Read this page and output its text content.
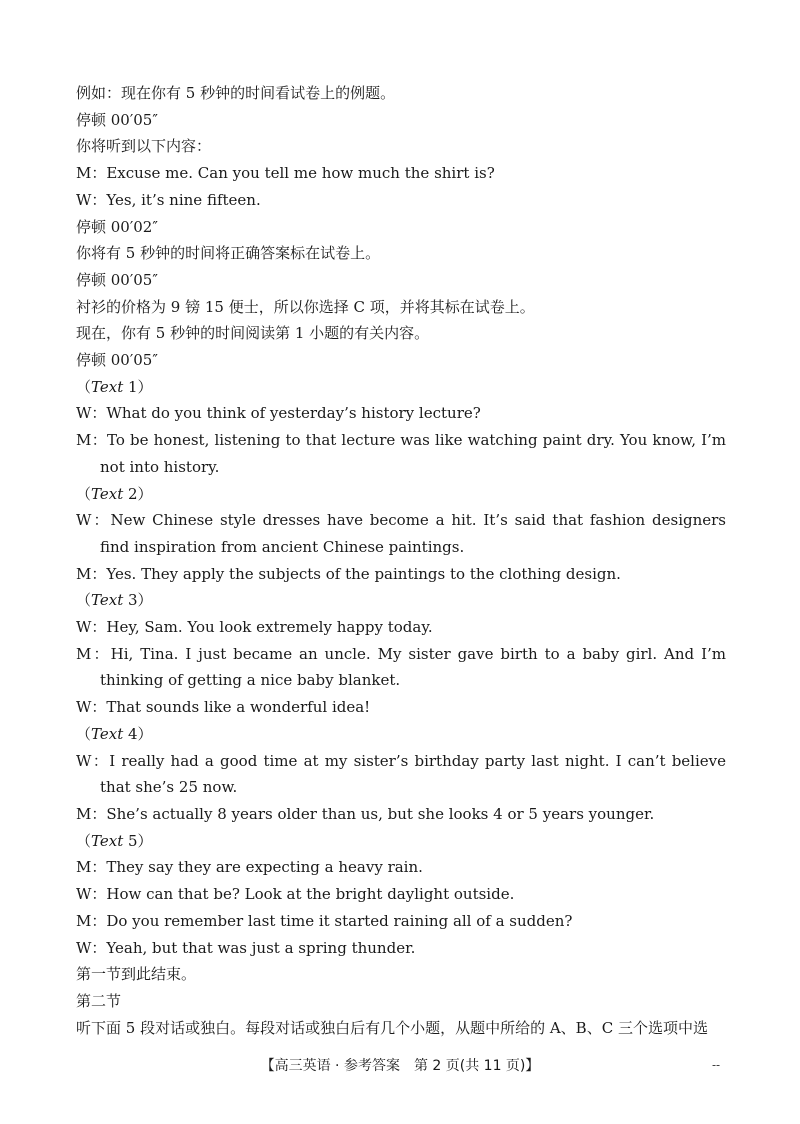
例如：现在你有 5 秒钟的时间看试卷上的例题。
停顿 00′05″
你将听到以下内容：
M：Excuse me. Can you tell me how much the shirt is?
W：Yes, it’s nine fifteen.
停顿 00′02″
你将有 5 秒钟的时间将正确答案标在试卷上。
停顿 00′05″
衬衫的价格为 9 镑 15 便士，所以你选择 C 项，并将其标在试卷上。
现在，你有 5 秒钟的时间阅读第 1 小题的有关内容。
停顿 00′05″
（Text 1）
W：What do you think of yesterday’s history lecture?
M：To be honest, listening to that lecture was like watching paint dry. You know, I’m not into history.
（Text 2）
W：New Chinese style dresses have become a hit. It’s said that fashion designers find inspiration from ancient Chinese paintings.
M：Yes. They apply the subjects of the paintings to the clothing design.
（Text 3）
W：Hey, Sam. You look extremely happy today.
M：Hi, Tina. I just became an uncle. My sister gave birth to a baby girl. And I’m thinking of getting a nice baby blanket.
W：That sounds like a wonderful idea!
（Text 4）
W：I really had a good time at my sister’s birthday party last night. I can’t believe that she’s 25 now.
M：She’s actually 8 years older than us, but she looks 4 or 5 years younger.
（Text 5）
M：They say they are expecting a heavy rain.
W：How can that be? Look at the bright daylight outside.
M：Do you remember last time it started raining all of a sudden?
W：Yeah, but that was just a spring thunder.
第一节到此结束。
第二节
听下面 5 段对话或独白。每段对话或独白后有几个小题，从题中所给的 A、B、C 三个选项中选
【高三英语 · 参考答案　第 2 页(共 11 页)】	--
